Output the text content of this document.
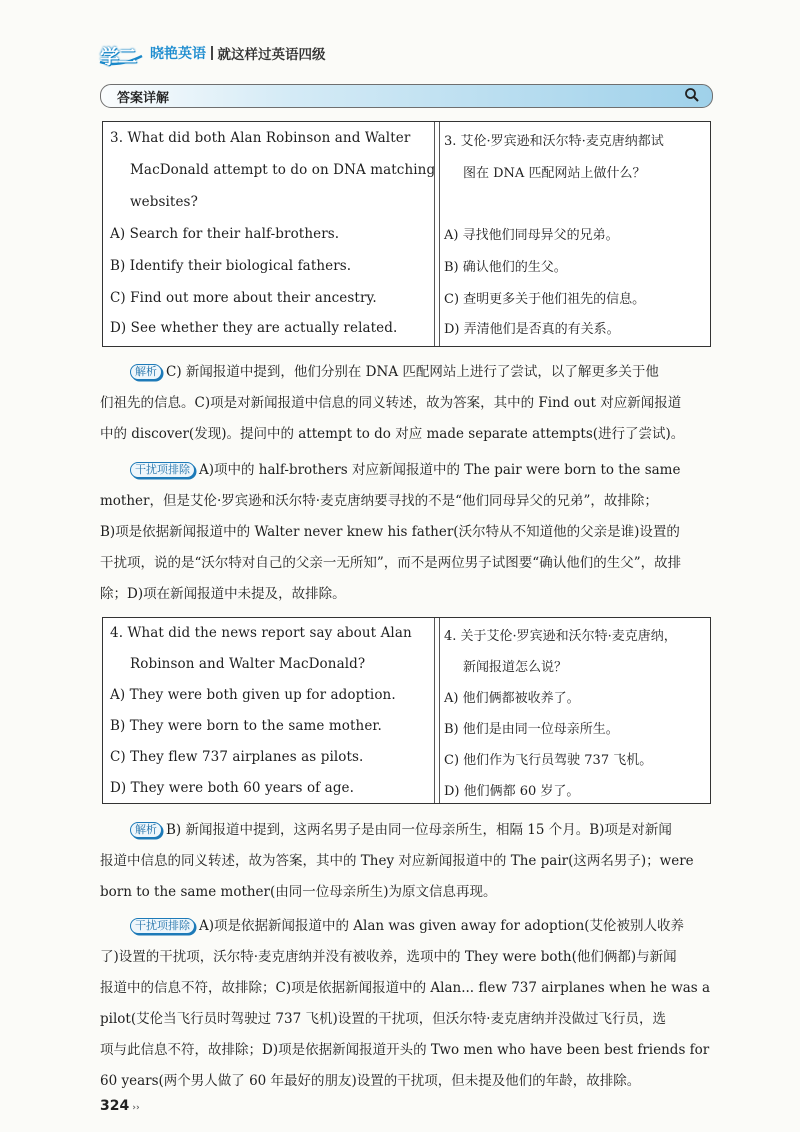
学二 晓艳英语 就这样过英语四级
答案详解
3. What did both Alan Robinson and Walter
MacDonald attempt to do on DNA matching
websites?
A) Search for their half-brothers.
B) Identify their biological fathers.
C) Find out more about their ancestry.
D) See whether they are actually related.
3. 艾伦·罗宾逊和沃尔特·麦克唐纳都试
图在 DNA 匹配网站上做什么？
A) 寻找他们同母异父的兄弟。
B) 确认他们的生父。
C) 查明更多关于他们祖先的信息。
D) 弄清他们是否真的有关系。
解析 C) 新闻报道中提到，他们分别在 DNA 匹配网站上进行了尝试，以了解更多关于他
们祖先的信息。C)项是对新闻报道中信息的同义转述，故为答案，其中的 Find out 对应新闻报道
中的 discover(发现)。提问中的 attempt to do 对应 made separate attempts(进行了尝试)。
干扰项排除 A)项中的 half-brothers 对应新闻报道中的 The pair were born to the same
mother，但是艾伦·罗宾逊和沃尔特·麦克唐纳要寻找的不是“他们同母异父的兄弟”，故排除；
B)项是依据新闻报道中的 Walter never knew his father(沃尔特从不知道他的父亲是谁)设置的
干扰项，说的是“沃尔特对自己的父亲一无所知”，而不是两位男子试图要“确认他们的生父”，故排
除；D)项在新闻报道中未提及，故排除。
4. What did the news report say about Alan
Robinson and Walter MacDonald?
A) They were both given up for adoption.
B) They were born to the same mother.
C) They flew 737 airplanes as pilots.
D) They were both 60 years of age.
4. 关于艾伦·罗宾逊和沃尔特·麦克唐纳，
新闻报道怎么说？
A) 他们俩都被收养了。
B) 他们是由同一位母亲所生。
C) 他们作为飞行员驾驶 737 飞机。
D) 他们俩都 60 岁了。
解析 B) 新闻报道中提到，这两名男子是由同一位母亲所生，相隔 15 个月。B)项是对新闻
报道中信息的同义转述，故为答案，其中的 They 对应新闻报道中的 The pair(这两名男子)；were
born to the same mother(由同一位母亲所生)为原文信息再现。
干扰项排除 A)项是依据新闻报道中的 Alan was given away for adoption(艾伦被别人收养
了)设置的干扰项，沃尔特·麦克唐纳并没有被收养，选项中的 They were both(他们俩都)与新闻
报道中的信息不符，故排除；C)项是依据新闻报道中的 Alan... flew 737 airplanes when he was a
pilot(艾伦当飞行员时驾驶过 737 飞机)设置的干扰项，但沃尔特·麦克唐纳并没做过飞行员，选
项与此信息不符，故排除；D)项是依据新闻报道开头的 Two men who have been best friends for
60 years(两个男人做了 60 年最好的朋友)设置的干扰项，但未提及他们的年龄，故排除。
324 ››
